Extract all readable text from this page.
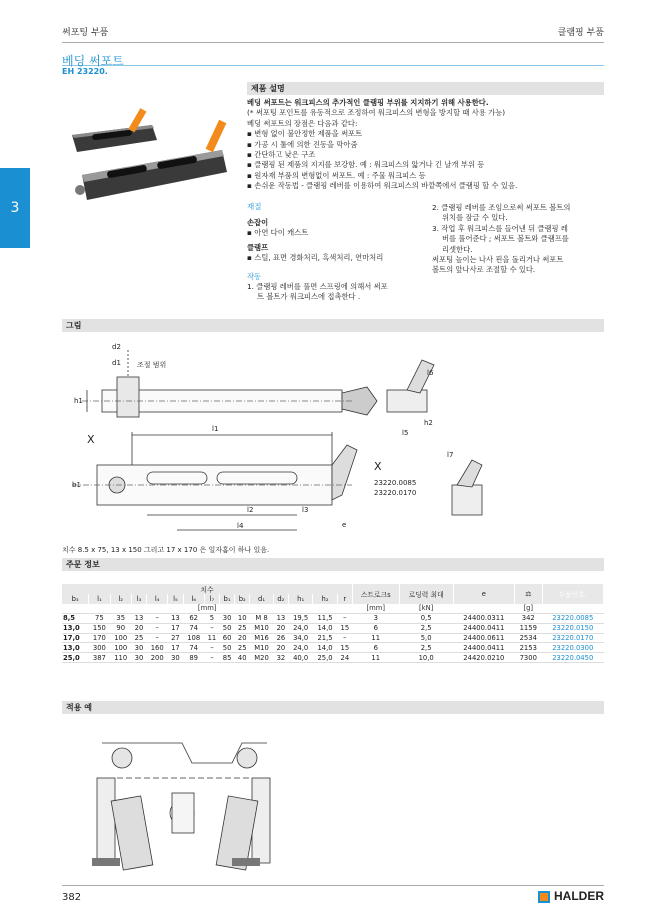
써포팅 부품	클램핑 부품
베딩 써포트
EH 23220.
3
제품 설명
베딩 써포트는 워크피스의 추가적인 클램핑 부위를 지지하기 위해 사용한다.
(* 써포팅 포인트를 유동적으로 조정하여 워크피스의 변형을 방지할 때 사용 가능)
베딩 써포트의 장점은 다음과 같다:
▪ 변형 없이 불안정한 제품을 써포트
▪ 가공 시 툴에 의한 진동을 막아줌
▪ 간단하고 낮은 구조
▪ 클램핑 된 제품의 지지를 보강함. 예 : 워크피스의 앏거나 긴 날개 부위 등
▪ 원자재 부품의 변형없이 써포트. 예 : 주물 워크피스 등
▪ 손쉬운 작동법 - 클램핑 레버를 이용하여 워크피스의 바깥쪽에서 클램핑 할 수 있음.
재질
손잡이
▪ 아연 다이 캐스트
클램프
▪ 스틸, 표면 경화처리, 흑색처리, 연마처리
작동
1. 클램핑 레버를 풀면 스프링에 의해서 써포
트 볼트가 워크피스에 접촉한다 .
2. 클램핑 레버를 조임으로써 써포트 볼트의
위치를 잠글 수 있다.
3. 작업 후 워크피스를 들어낸 뒤 클램핑 레
버를 풀어준다 ; 써포트 볼트와 클램프를
리셋한다.
써포팅 높이는 나사 핀을 돌리거나 써포트
볼트의 앞나사로 조절할 수 있다.
그림
d2
d1 조절 범위
h1
X
l1
b1
l2
l4
l3
e
l5
h2
l6
X
23220.0085
23220.0170
l7
치수 8.5 x 75, 13 x 150 그리고 17 x 170 은 일자홈이 하나 있음.
주문 정보
치수															스트로크s	로딩력 최대	e	⚖	부품번호.
b₃	l₁	l₂	l₃	l₄	l₅	l₆	l₇	b₁	b₂	d₁	d₂	h₁	h₂	r					
[mm]															[mm]	[kN]		[g]	
8,5	75	35	13	–	13	62	5	30	10	M 8	13	19,5	11,5	–	3	0,5	24400.0311	342	23220.0085
13,0	150	90	20	–	17	74	–	50	25	M10	20	24,0	14,0	15	6	2,5	24400.0411	1159	23220.0150
17,0	170	100	25	–	27	108	11	60	20	M16	26	34,0	21,5	–	11	5,0	24400.0611	2534	23220.0170
13,0	300	100	30	160	17	74	–	50	25	M10	20	24,0	14,0	15	6	2,5	24400.0411	2153	23220.0300
25,0	387	110	30	200	30	89	–	85	40	M20	32	40,0	25,0	24	11	10,0	24420.0210	7300	23220.0450
적용 예
382	HALDER
